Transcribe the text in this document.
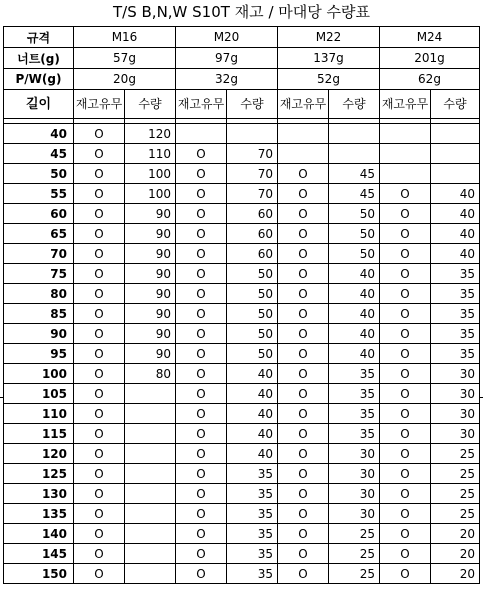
T/S B,N,W S10T 재고 / 마대당 수량표
규격	M16		M20		M22		M24	
너트(g)	57g		97g		137g		201g	
P/W(g)	20g		32g		52g		62g	
길이	재고유무	수량	재고유무	수량	재고유무	수량	재고유무	수량

40	O	120						
45	O	110	O	70				
50	O	100	O	70	O	45		
55	O	100	O	70	O	45	O	40
60	O	90	O	60	O	50	O	40
65	O	90	O	60	O	50	O	40
70	O	90	O	60	O	50	O	40
75	O	90	O	50	O	40	O	35
80	O	90	O	50	O	40	O	35
85	O	90	O	50	O	40	O	35
90	O	90	O	50	O	40	O	35
95	O	90	O	50	O	40	O	35
100	O	80	O	40	O	35	O	30
105	O		O	40	O	35	O	30
110	O		O	40	O	35	O	30
115	O		O	40	O	35	O	30
120	O		O	40	O	30	O	25
125	O		O	35	O	30	O	25
130	O		O	35	O	30	O	25
135	O		O	35	O	30	O	25
140	O		O	35	O	25	O	20
145	O		O	35	O	25	O	20
150	O		O	35	O	25	O	20
